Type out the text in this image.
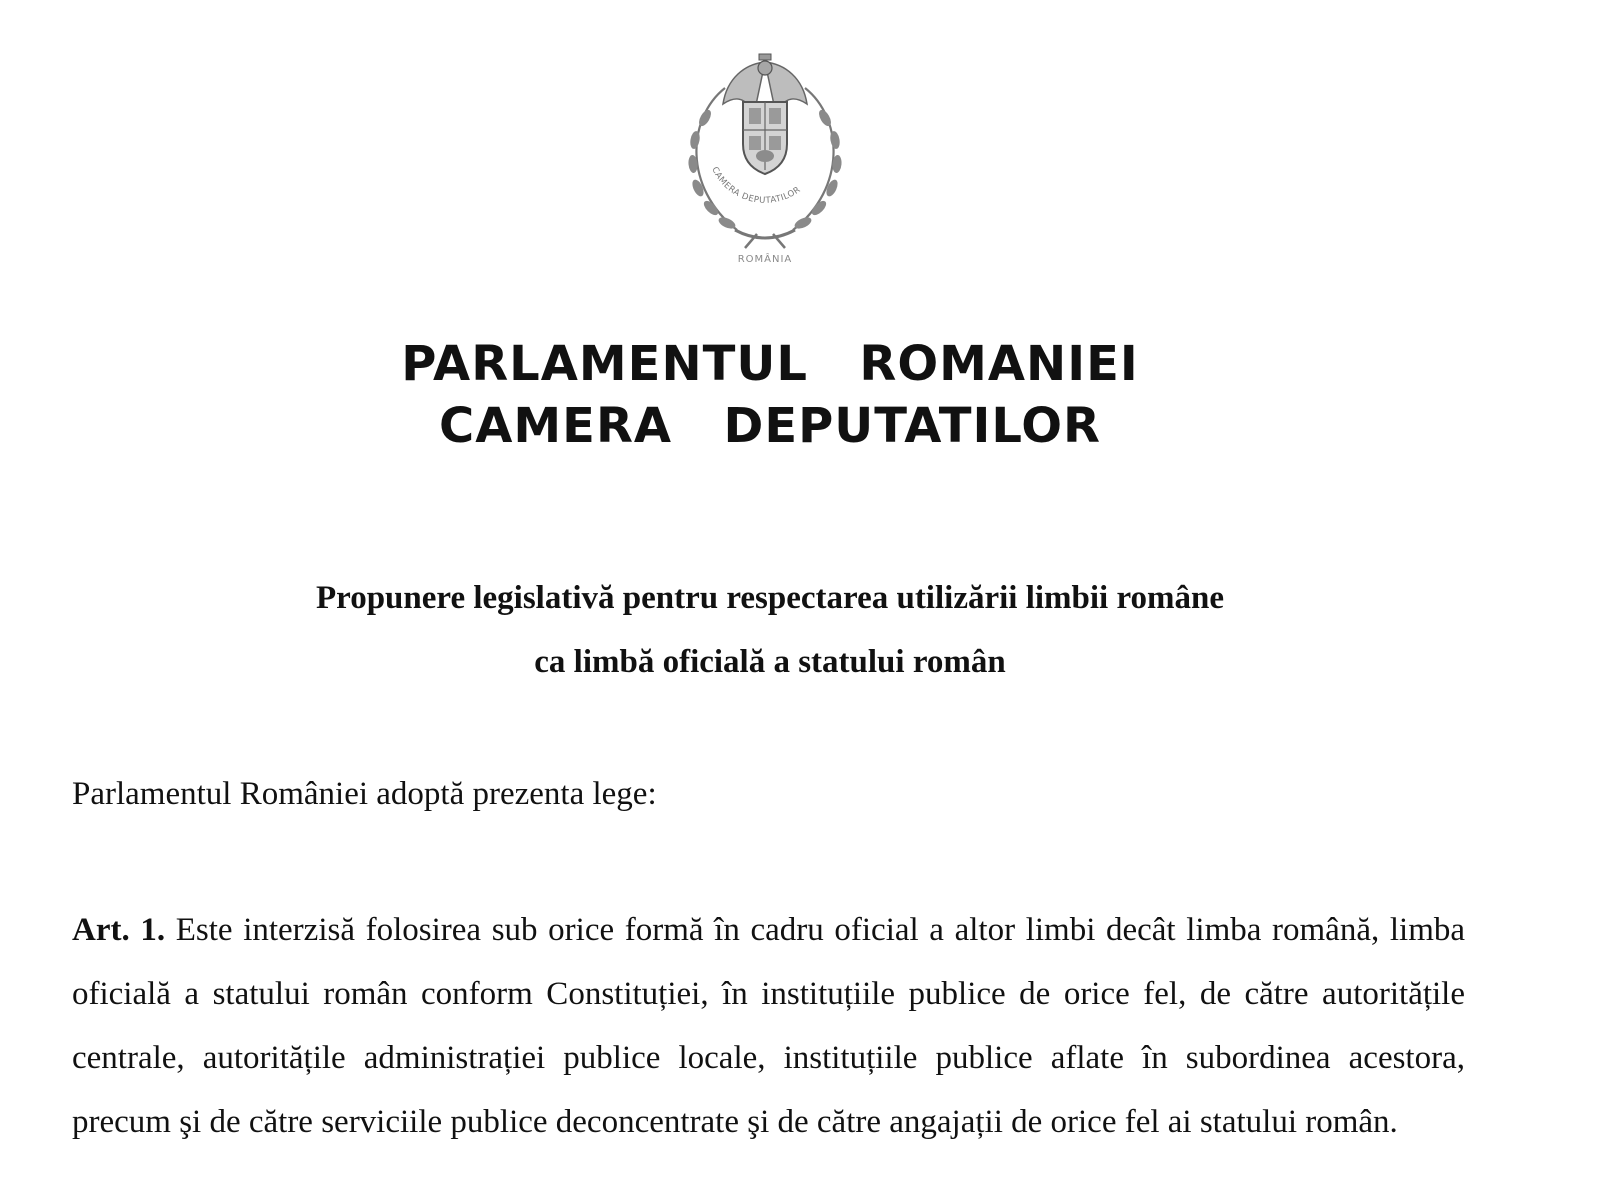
CAMERA DEPUTATILOR
ROMÂNIA
PARLAMENTUL  ROMANIEI
CAMERA  DEPUTATILOR
Propunere legislativă pentru respectarea utilizării limbii române
ca limbă oficială a statului român
Parlamentul României adoptă prezenta lege:
Art. 1. Este interzisă folosirea sub orice formă în cadru oficial a altor limbi decât limba română, limba oficială a statului român conform Constituției, în instituțiile publice de orice fel, de către autoritățile centrale, autoritățile administrației publice locale, instituțiile publice aflate în subordinea acestora, precum şi de către serviciile publice deconcentrate şi de către angajații de orice fel ai statului român.
